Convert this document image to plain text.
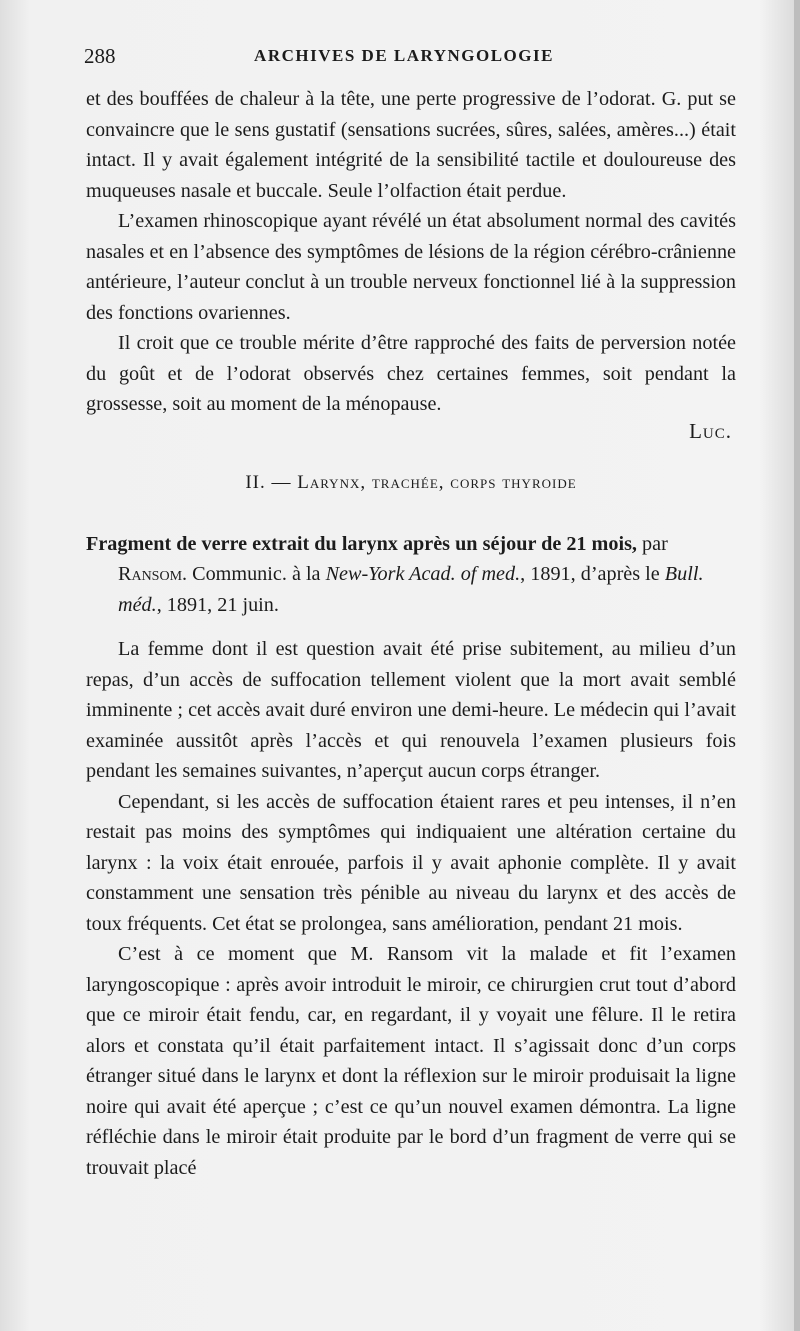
288	ARCHIVES DE LARYNGOLOGIE

et des bouffées de chaleur à la tête, une perte progressive de l’odorat. G. put se convaincre que le sens gustatif (sensations sucrées, sûres, salées, amères...) était intact. Il y avait également intégrité de la sensibilité tactile et douloureuse des muqueuses nasale et buccale. Seule l’olfaction était perdue.

L’examen rhinoscopique ayant révélé un état absolument normal des cavités nasales et en l’absence des symptômes de lésions de la région cérébro-crânienne antérieure, l’auteur conclut à un trouble nerveux fonctionnel lié à la suppression des fonctions ovariennes.

Il croit que ce trouble mérite d’être rapproché des faits de perversion notée du goût et de l’odorat observés chez certaines femmes, soit pendant la grossesse, soit au moment de la ménopause.

Luc.
II. — Larynx, trachée, corps thyroide
Fragment de verre extrait du larynx après un séjour de 21 mois, par
Ransom. Communic. à la New-York Acad. of med., 1891, d’après le Bull. méd., 1891, 21 juin.

La femme dont il est question avait été prise subitement, au milieu d’un repas, d’un accès de suffocation tellement violent que la mort avait semblé imminente ; cet accès avait duré environ une demi-heure. Le médecin qui l’avait examinée aussitôt après l’accès et qui renouvela l’examen plusieurs fois pendant les semaines suivantes, n’aperçut aucun corps étranger.

Cependant, si les accès de suffocation étaient rares et peu intenses, il n’en restait pas moins des symptômes qui indiquaient une altération certaine du larynx : la voix était enrouée, parfois il y avait aphonie complète. Il y avait constamment une sensation très pénible au niveau du larynx et des accès de toux fréquents. Cet état se prolongea, sans amélioration, pendant 21 mois.

C’est à ce moment que M. Ransom vit la malade et fit l’examen laryngoscopique : après avoir introduit le miroir, ce chirurgien crut tout d’abord que ce miroir était fendu, car, en regardant, il y voyait une fêlure. Il le retira alors et constata qu’il était parfaitement intact. Il s’agissait donc d’un corps étranger situé dans le larynx et dont la réflexion sur le miroir produisait la ligne noire qui avait été aperçue ; c’est ce qu’un nouvel examen démontra. La ligne réfléchie dans le miroir était produite par le bord d’un fragment de verre qui se trouvait placé
